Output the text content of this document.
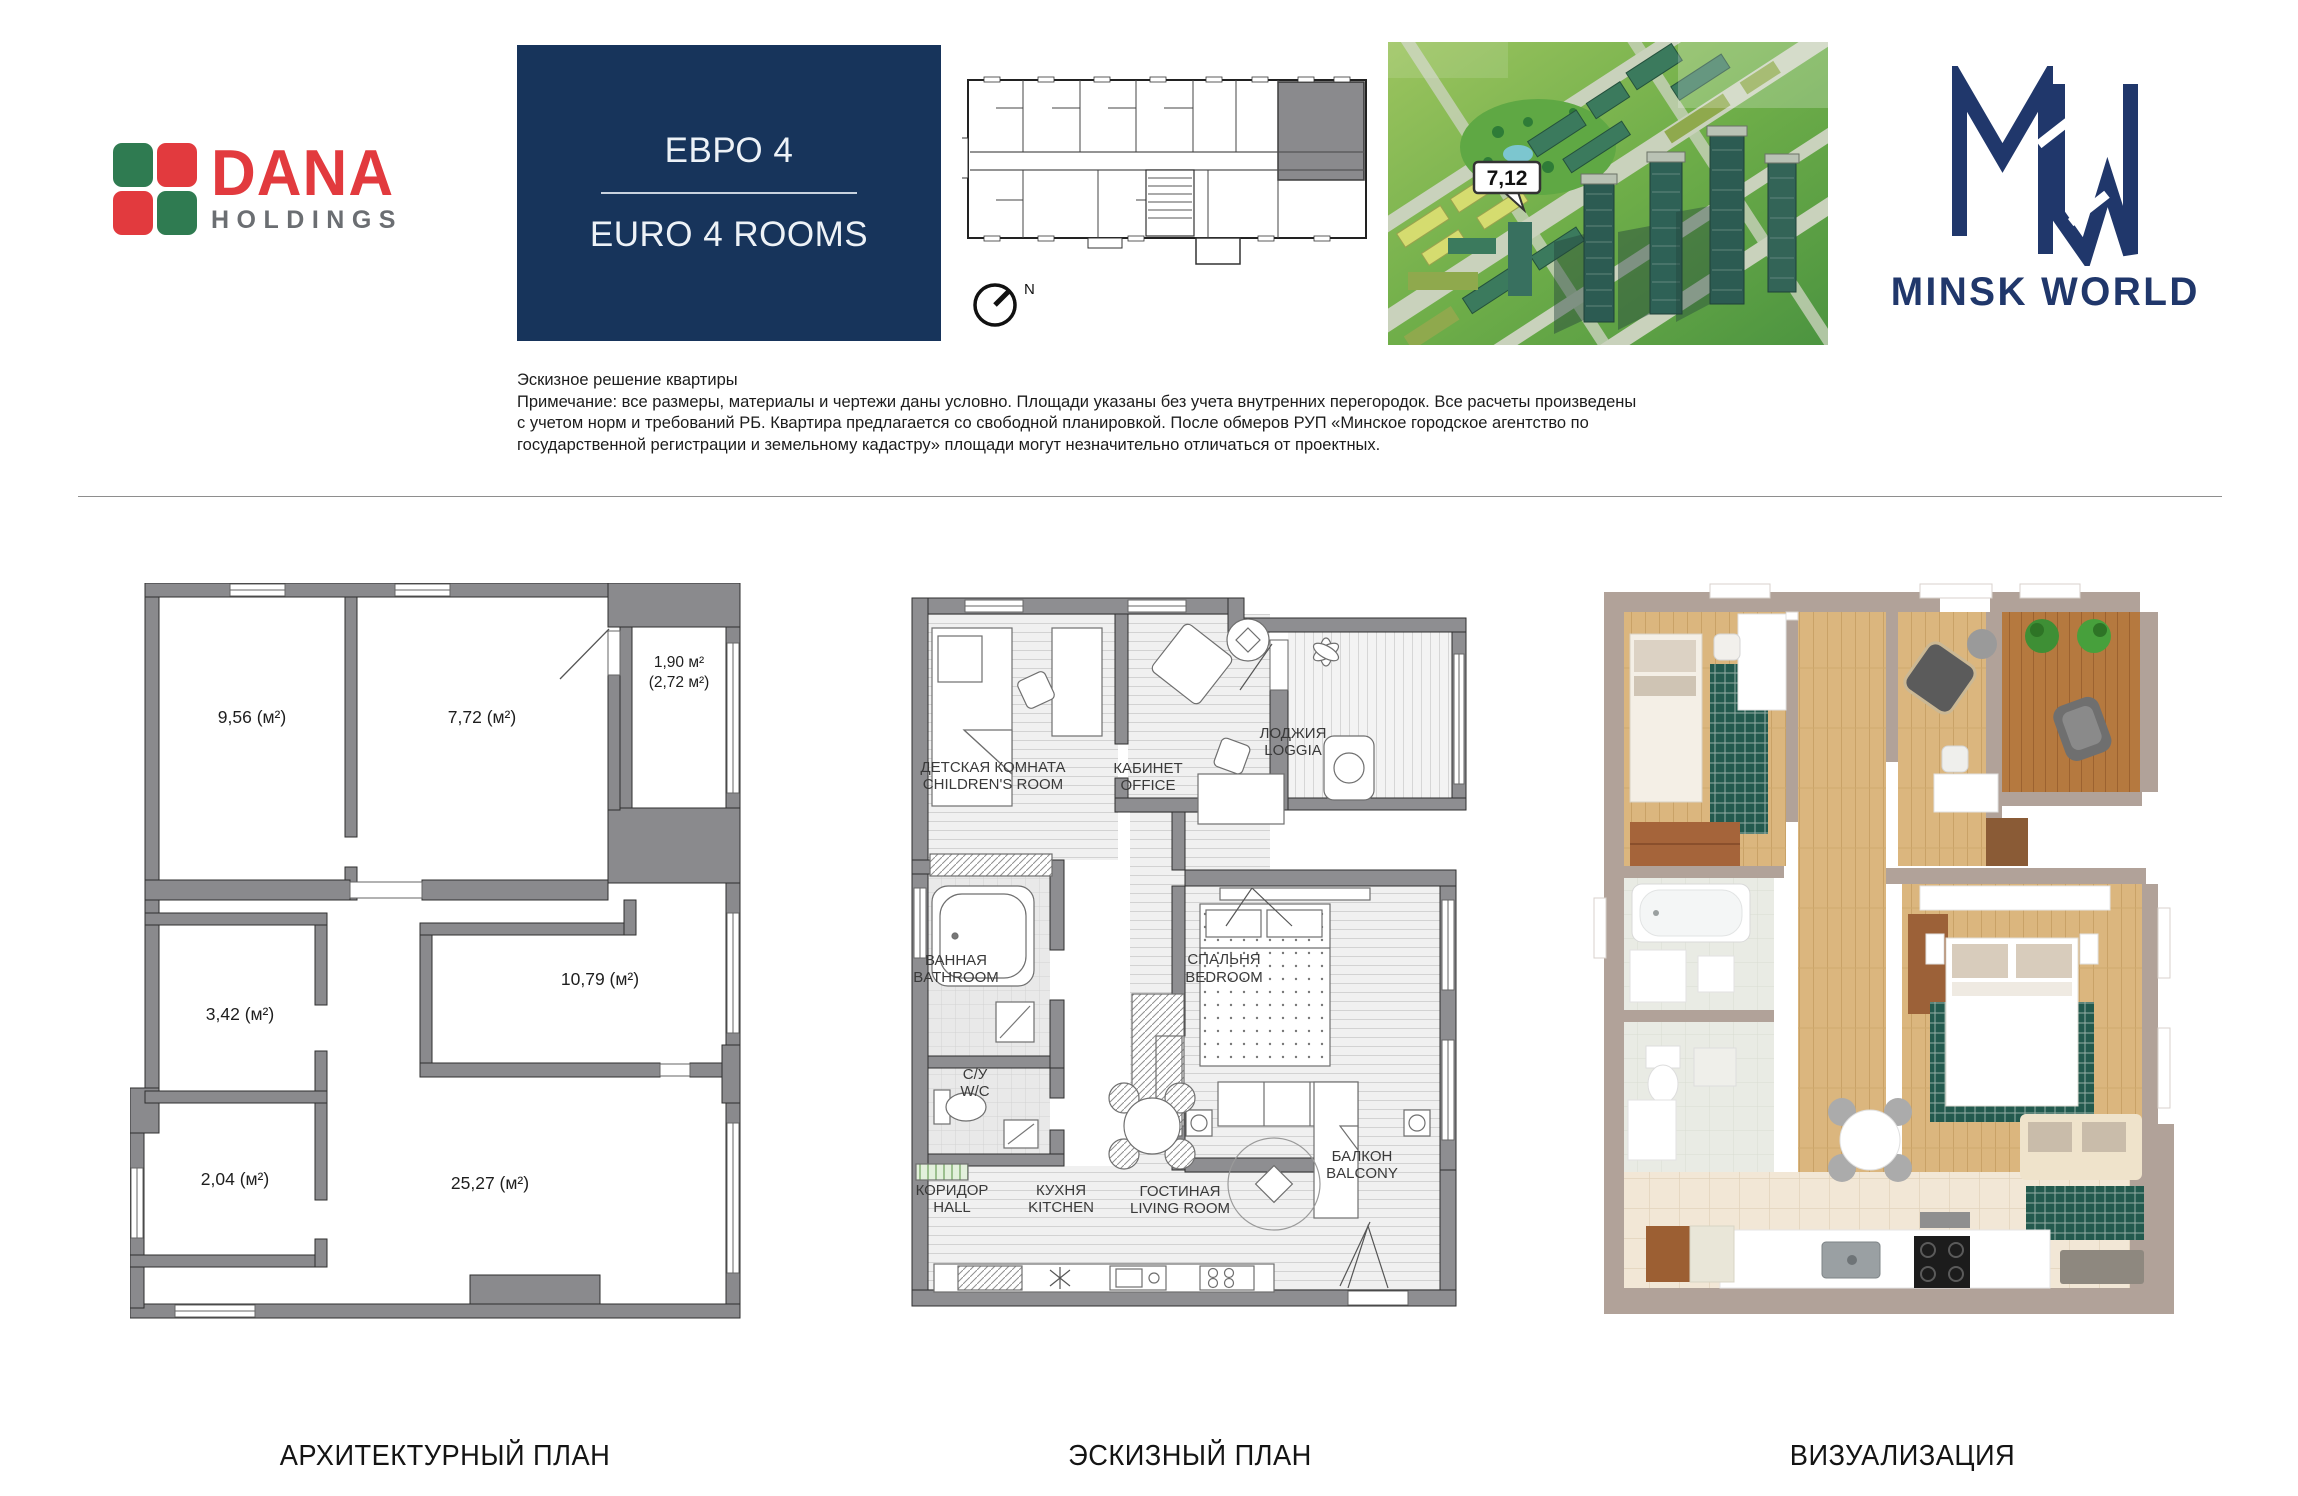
DANA
HOLDINGS
ЕВРО 4
EURO 4 ROOMS
N
7,12
MINSK WORLD
Эскизное решение квартиры
Примечание: все размеры, материалы и чертежи даны условно. Площади указаны без учета внутренних перегородок. Все расчеты произведены
с учетом норм и требований РБ. Квартира предлагается со свободной планировкой. После обмеров РУП «Минское городское агентство по
государственной регистрации и земельному кадастру» площади могут незначительно отличаться от проектных.
9,56 (м²)	7,72 (м²)
1,90 м²
(2,72 м²)
3,42 (м²)
10,79 (м²)
2,04 (м²)	25,27 (м²)
ДЕТСКАЯ КОМНАТА
CHILDREN'S ROOM
КАБИНЕТ
OFFICE
ЛОДЖИЯ
LOGGIA
ВАННАЯ
BATHROOM
СПАЛЬНЯ
BEDROOM
С/У
W/C
КОРИДОР
HALL
КУХНЯ
KITCHEN
ГОСТИНАЯ
LIVING ROOM
БАЛКОН
BALCONY
АРХИТЕКТУРНЫЙ ПЛАН	ЭСКИЗНЫЙ ПЛАН	ВИЗУАЛИЗАЦИЯ
